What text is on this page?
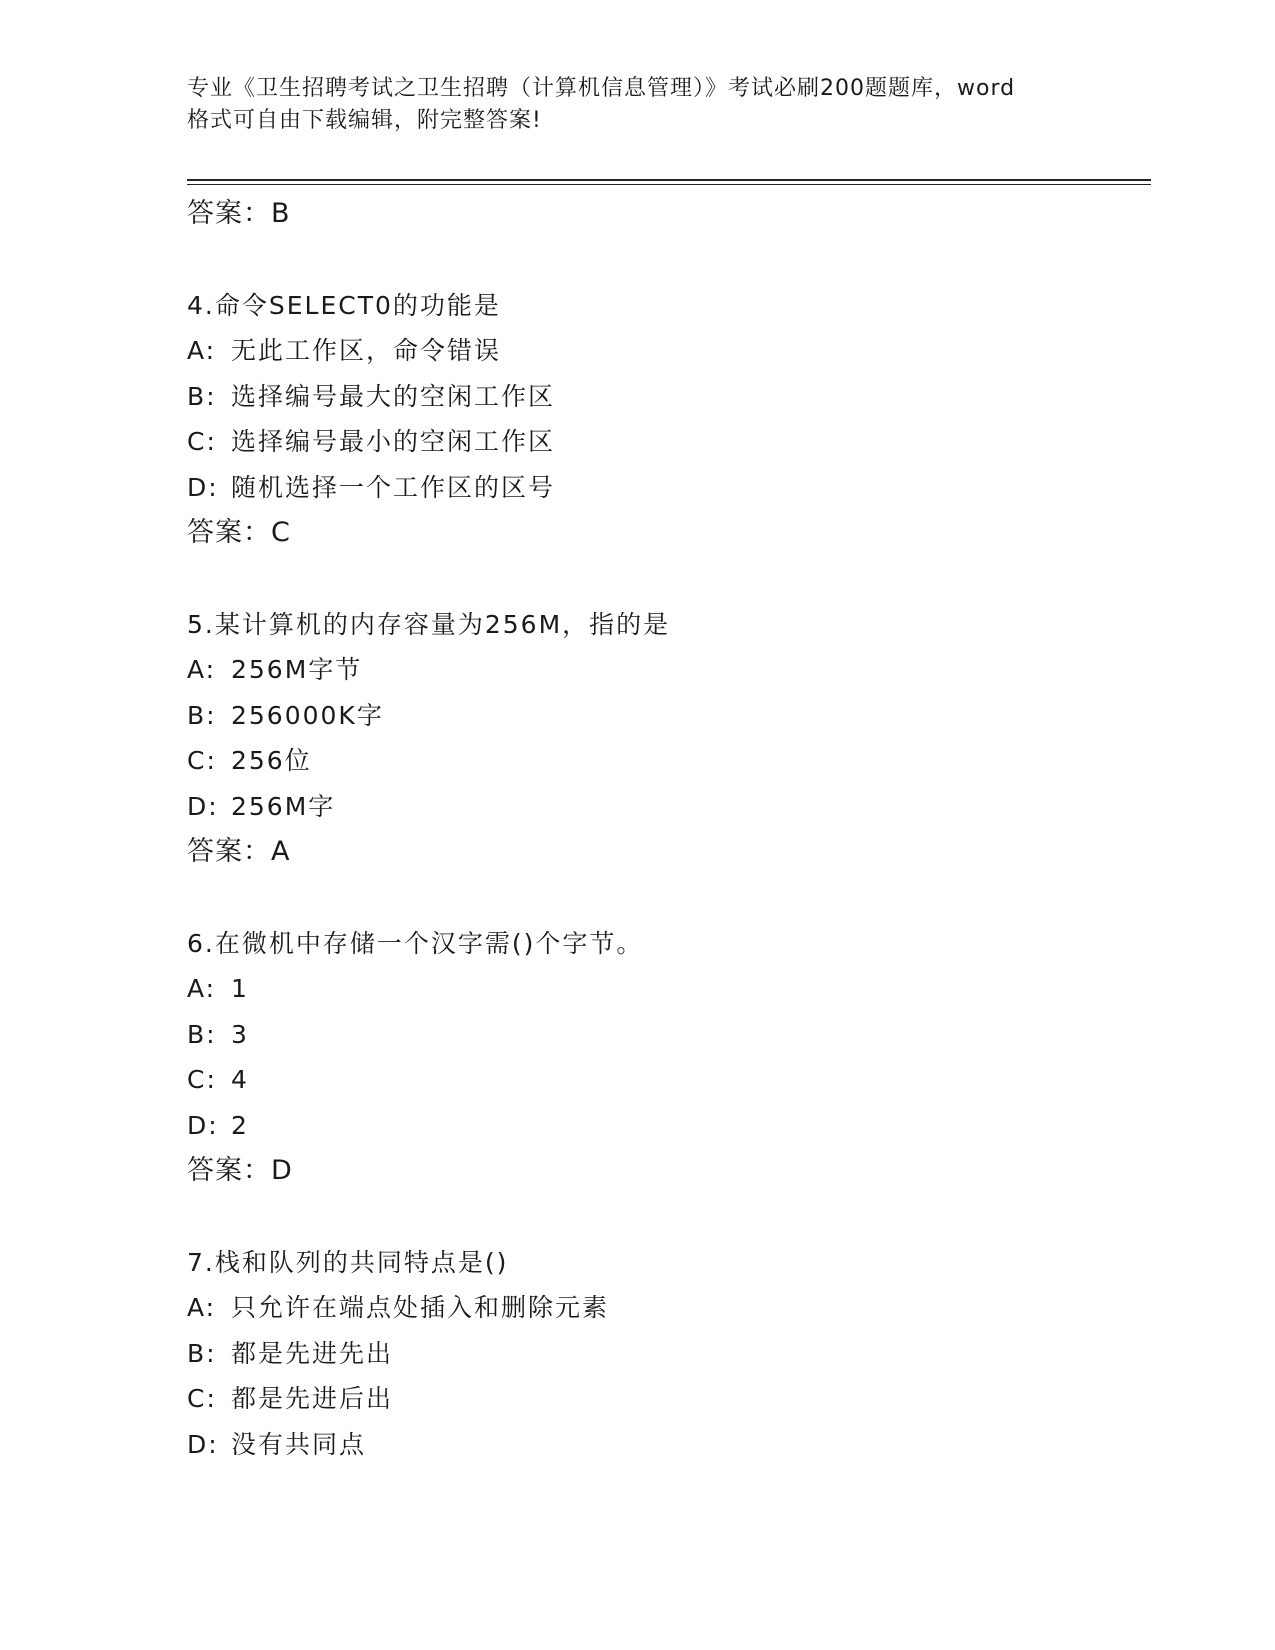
专业《卫生招聘考试之卫生招聘（计算机信息管理）》考试必刷200题题库，word
格式可自由下载编辑，附完整答案!
答案：B
4.命令SELECT0的功能是
A: 无此工作区，命令错误
B: 选择编号最大的空闲工作区
C: 选择编号最小的空闲工作区
D: 随机选择一个工作区的区号
答案：C
5.某计算机的内存容量为256M，指的是
A: 256M字节
B: 256000K字
C: 256位
D: 256M字
答案：A
6.在微机中存储一个汉字需()个字节。
A: 1
B: 3
C: 4
D: 2
答案：D
7.栈和队列的共同特点是()
A: 只允许在端点处插入和删除元素
B: 都是先进先出
C: 都是先进后出
D: 没有共同点
